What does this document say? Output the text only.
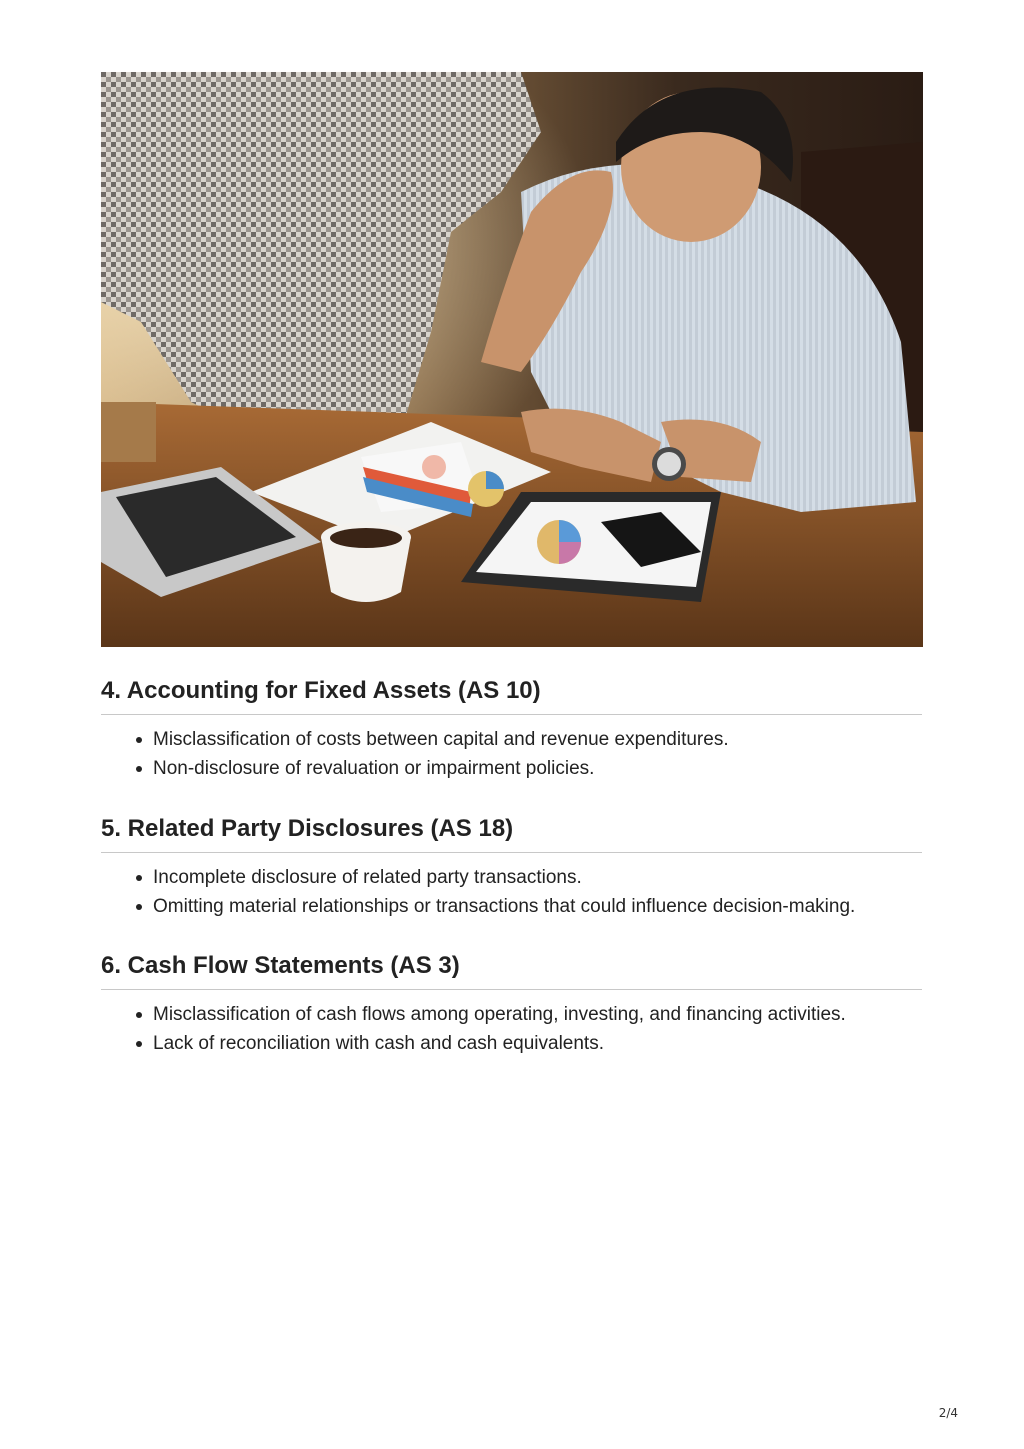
4. Accounting for Fixed Assets (AS 10)
Misclassification of costs between capital and revenue expenditures.
Non-disclosure of revaluation or impairment policies.
5. Related Party Disclosures (AS 18)
Incomplete disclosure of related party transactions.
Omitting material relationships or transactions that could influence decision-making.
6. Cash Flow Statements (AS 3)
Misclassification of cash flows among operating, investing, and financing activities.
Lack of reconciliation with cash and cash equivalents.
2/4
